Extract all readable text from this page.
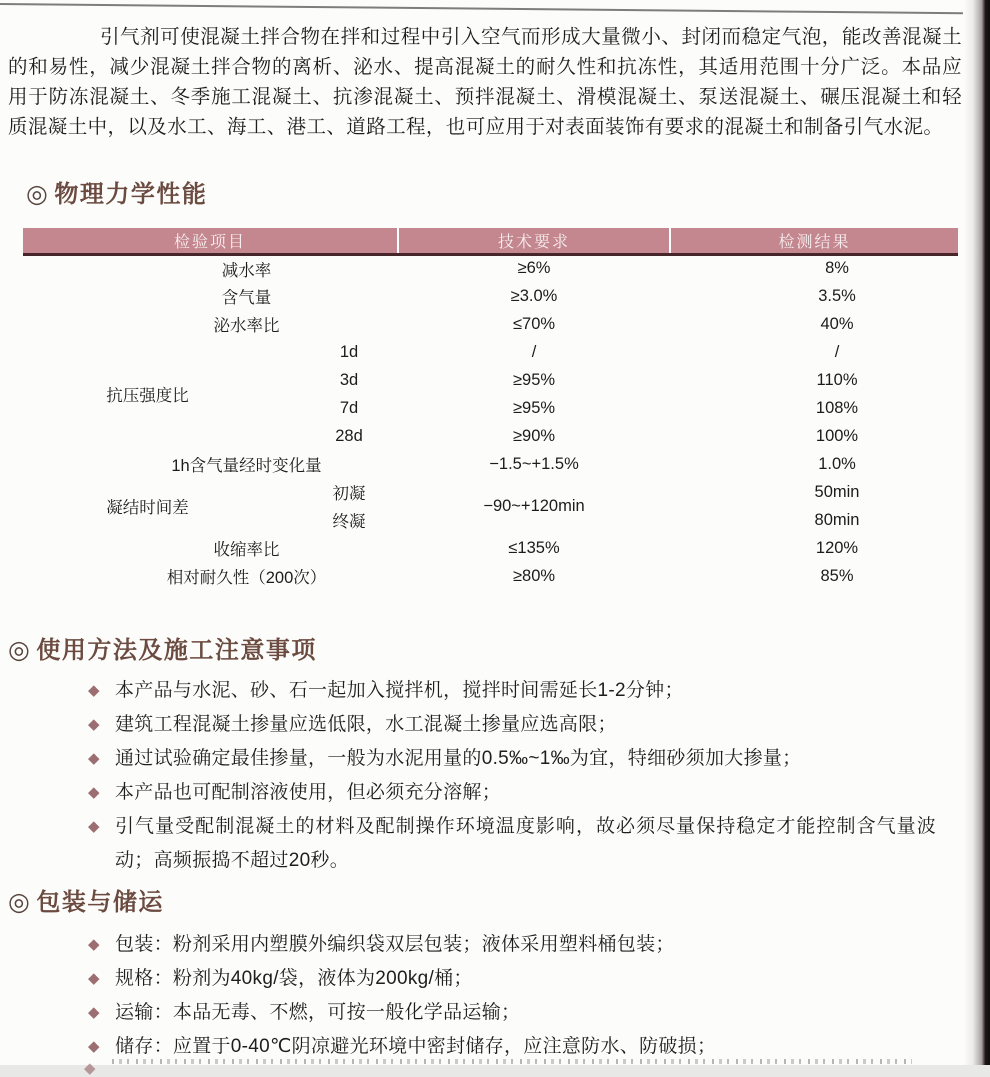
引气剂可使混凝土拌合物在拌和过程中引入空气而形成大量微小、封闭而稳定气泡，能改善混凝土的和易性，减少混凝土拌合物的离析、泌水、提高混凝土的耐久性和抗冻性，其适用范围十分广泛。本品应用于防冻混凝土、冬季施工混凝土、抗渗混凝土、预拌混凝土、滑模混凝土、泵送混凝土、碾压混凝土和轻质混凝土中，以及水工、海工、港工、道路工程，也可应用于对表面装饰有要求的混凝土和制备引气水泥。

◎ 物理力学性能
检验项目		技术要求	检测结果
减水率		≥6%	8%
含气量		≥3.0%	3.5%
泌水率比		≤70%	40%
抗压强度比	1d	/	/
	3d	≥95%	110%
	7d	≥95%	108%
	28d	≥90%	100%
1h含气量经时变化量		−1.5~+1.5%	1.0%
凝结时间差	初凝	−90~+120min	50min
	终凝		80min
收缩率比		≤135%	120%
相对耐久性（200次）		≥80%	85%
◎ 使用方法及施工注意事项
◆ 本产品与水泥、砂、石一起加入搅拌机，搅拌时间需延长1-2分钟；
◆ 建筑工程混凝土掺量应选低限，水工混凝土掺量应选高限；
◆ 通过试验确定最佳掺量，一般为水泥用量的0.5‰~1‰为宜，特细砂须加大掺量；
◆ 本产品也可配制溶液使用，但必须充分溶解；
◆ 引气量受配制混凝土的材料及配制操作环境温度影响，故必须尽量保持稳定才能控制含气量波动；高频振捣不超过20秒。
◎ 包装与储运
◆ 包装：粉剂采用内塑膜外编织袋双层包装；液体采用塑料桶包装；
◆ 规格：粉剂为40kg/袋，液体为200kg/桶；
◆ 运输：本品无毒、不燃，可按一般化学品运输；
◆ 储存：应置于0-40℃阴凉避光环境中密封储存，应注意防水、防破损；
◆
